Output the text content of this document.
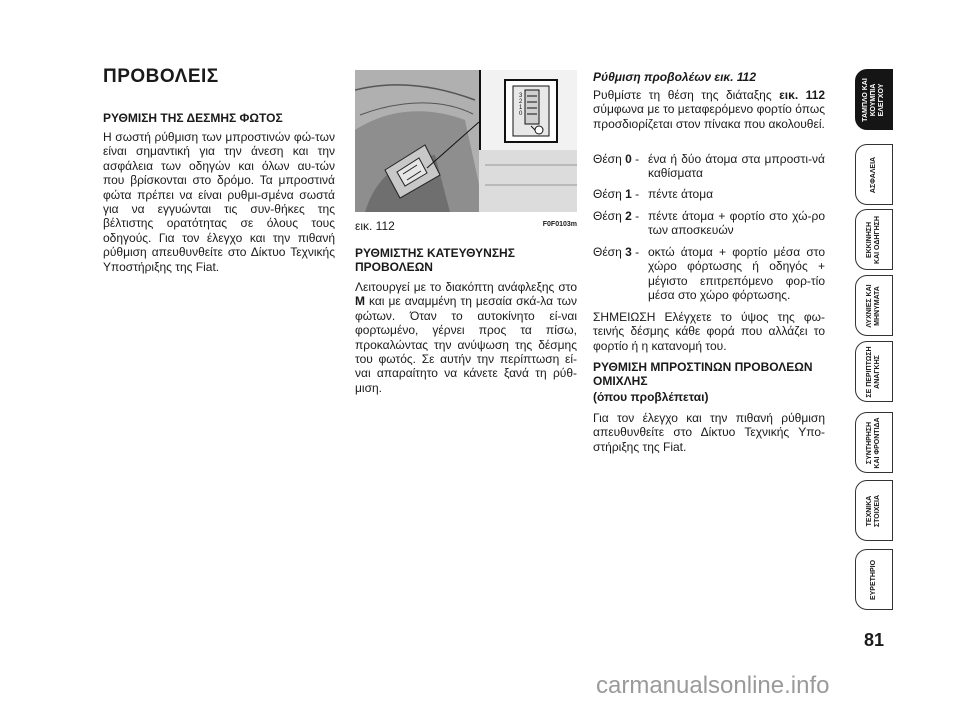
ΠΡΟΒΟΛΕΙΣ

ΡΥΘΜΙΣΗ ΤΗΣ ΔΕΣΜΗΣ ΦΩΤΟΣ

Η σωστή ρύθμιση των μπροστινών φώ-των είναι σημαντική για την άνεση και την ασφάλεια των οδηγών και όλων αυ-τών που βρίσκονται στο δρόμο. Τα μπροστινά φώτα πρέπει να είναι ρυθμι-σμένα σωστά για να εγγυώνται τις συν-θήκες της βέλτιστης ορατότητας σε όλους τους οδηγούς. Για τον έλεγχο και την πιθανή ρύθμιση απευθυνθείτε στο Δίκτυο Τεχνικής Υποστήριξης της Fiat.

3
2
1
0
εικ. 112	F0F0103m

ΡΥΘΜΙΣΤΗΣ ΚΑΤΕΥΘΥΝΣΗΣ ΠΡΟΒΟΛΕΩΝ

Λειτουργεί με το διακόπτη ανάφλεξης στο M και με αναμμένη τη μεσαία σκά-λα των φώτων. Όταν το αυτοκίνητο εί-ναι φορτωμένο, γέρνει προς τα πίσω, προκαλώντας την ανύψωση της δέσμης του φωτός. Σε αυτήν την περίπτωση εί-ναι απαραίτητο να κάνετε ξανά τη ρύθ-μιση.

Ρύθμιση προβολέων εικ. 112

Ρυθμίστε τη θέση της διάταξης εικ. 112 σύμφωνα με το μεταφερόμενο φορτίο όπως προσδιορίζεται στον πίνακα που ακολουθεί.

Θέση 0 - ένα ή δύο άτομα στα μπροστι-νά καθίσματα
Θέση 1 - πέντε άτομα
Θέση 2 - πέντε άτομα + φορτίο στο χώ-ρο των αποσκευών
Θέση 3 - οκτώ άτομα + φορτίο μέσα στο χώρο φόρτωσης ή οδηγός + μέγιστο επιτρεπόμενο φορ-τίο μέσα στο χώρο φόρτωσης.

ΣΗΜΕΙΩΣΗ Ελέγχετε το ύψος της φω-τεινής δέσμης κάθε φορά που αλλάζει το φορτίο ή η κατανομή του.

ΡΥΘΜΙΣΗ ΜΠΡΟΣΤΙΝΩΝ ΠΡΟΒΟΛΕΩΝ ΟΜΙΧΛΗΣ

(όπου προβλέπεται)

Για τον έλεγχο και την πιθανή ρύθμιση απευθυνθείτε στο Δίκτυο Τεχνικής Υπο-στήριξης της Fiat.

ΤΑΜΠΛΟ ΚΑΙ
ΚΟΥΜΠΙΑ
ΕΛΕΓΧΟΥ
ΑΣΦΑΛΕΙΑ
ΕΚΚΙΝΗΣΗ
ΚΑΙ ΟΔΗΓΗΣΗ
ΛΥΧΝΙΕΣ ΚΑΙ
ΜΗΝΥΜΑΤΑ
ΣΕ ΠΕΡΙΠΤΩΣΗ
ΑΝΑΓΚΗΣ
ΣΥΝΤΗΡΗΣΗ
ΚΑΙ ΦΡΟΝΤΙΔΑ
ΤΕΧΝΙΚΑ
ΣΤΟΙΧΕΙΑ
ΕΥΡΕΤΗΡΙΟ
81
carmanualsonline.info
